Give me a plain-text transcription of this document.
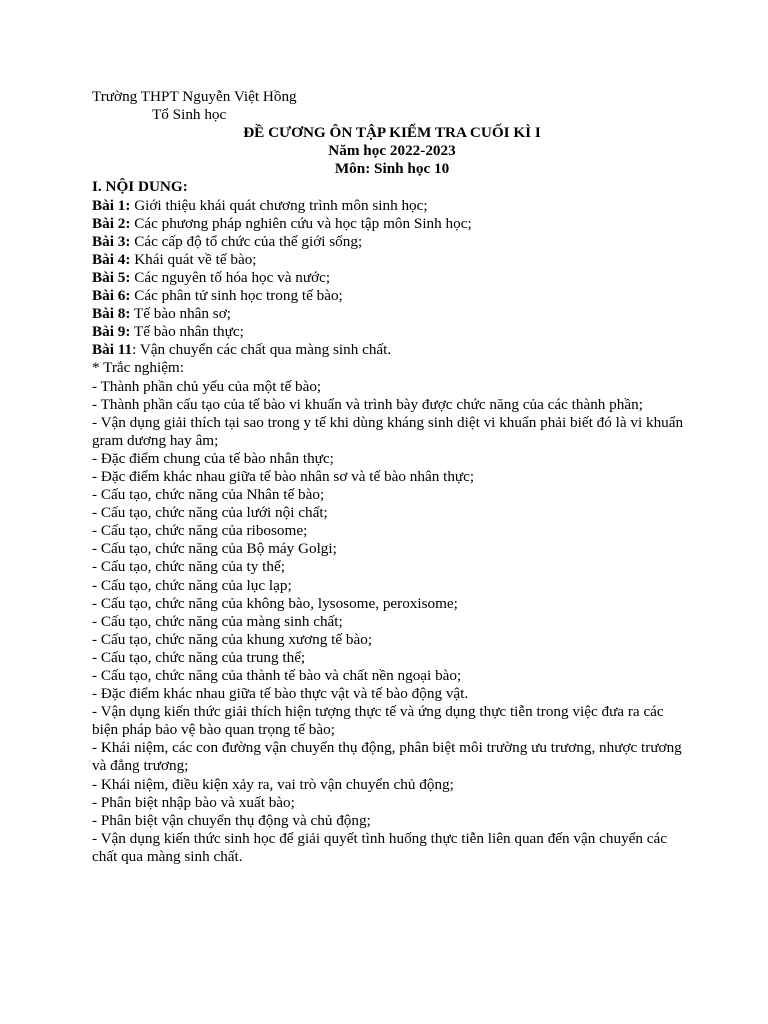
Trường THPT Nguyễn Việt Hồng
Tổ Sinh học
ĐỀ CƯƠNG ÔN TẬP KIỂM TRA CUỐI KÌ I
Năm học 2022-2023
Môn: Sinh học 10
I. NỘI DUNG:
Bài 1: Giới thiệu khái quát chương trình môn sinh học;
Bài 2: Các phương pháp nghiên cứu và học tập môn Sinh học;
Bài 3: Các cấp độ tổ chức của thế giới sống;
Bài 4: Khái quát về tế bào;
Bài 5: Các nguyên tố hóa học và nước;
Bài 6: Các phân tử sinh học trong tế bào;
Bài 8: Tế bào nhân sơ;
Bài 9: Tế bào nhân thực;
Bài 11: Vận chuyển các chất qua màng sinh chất.
* Trắc nghiệm:
- Thành phần chủ yếu của một tế bào;
- Thành phần cấu tạo của tế bào vi khuẩn và trình bày được chức năng của các thành phần;
- Vận dụng giải thích tại sao trong y tế khi dùng kháng sinh diệt vi khuẩn phải biết đó là vi khuẩn gram dương hay âm;
- Đặc điểm chung của tế bào nhân thực;
- Đặc điểm khác nhau giữa tế bào nhân sơ và tế bào nhân thực;
- Cấu tạo, chức năng của Nhân tế bào;
- Cấu tạo, chức năng của lưới nội chất;
- Cấu tạo, chức năng của ribosome;
- Cấu tạo, chức năng của Bộ máy Golgi;
- Cấu tạo, chức năng của ty thể;
- Cấu tạo, chức năng của lục lạp;
- Cấu tạo, chức năng của không bào, lysosome, peroxisome;
- Cấu tạo, chức năng của màng sinh chất;
- Cấu tạo, chức năng của khung xương tế bào;
- Cấu tạo, chức năng của trung thể;
- Cấu tạo, chức năng của thành tế bào và chất nền ngoại bào;
- Đặc điểm khác nhau giữa tế bào thực vật và tế bào động vật.
- Vận dụng kiến thức giải thích hiện tượng thực tế và ứng dụng thực tiễn trong việc đưa ra các biện pháp bảo vệ bào quan trọng tế bào;
- Khái niệm, các con đường vận chuyển thụ động, phân biệt môi trường ưu trương, nhược trương và đẳng trương;
- Khái niệm, điều kiện xảy ra, vai trò vận chuyển chủ động;
- Phân biệt nhập bào và xuất bào;
- Phân biệt vận chuyển thụ động và chủ động;
- Vận dụng kiến thức sinh học để giải quyết tình huống thực tiễn liên quan đến vận chuyển các chất qua màng sinh chất.
